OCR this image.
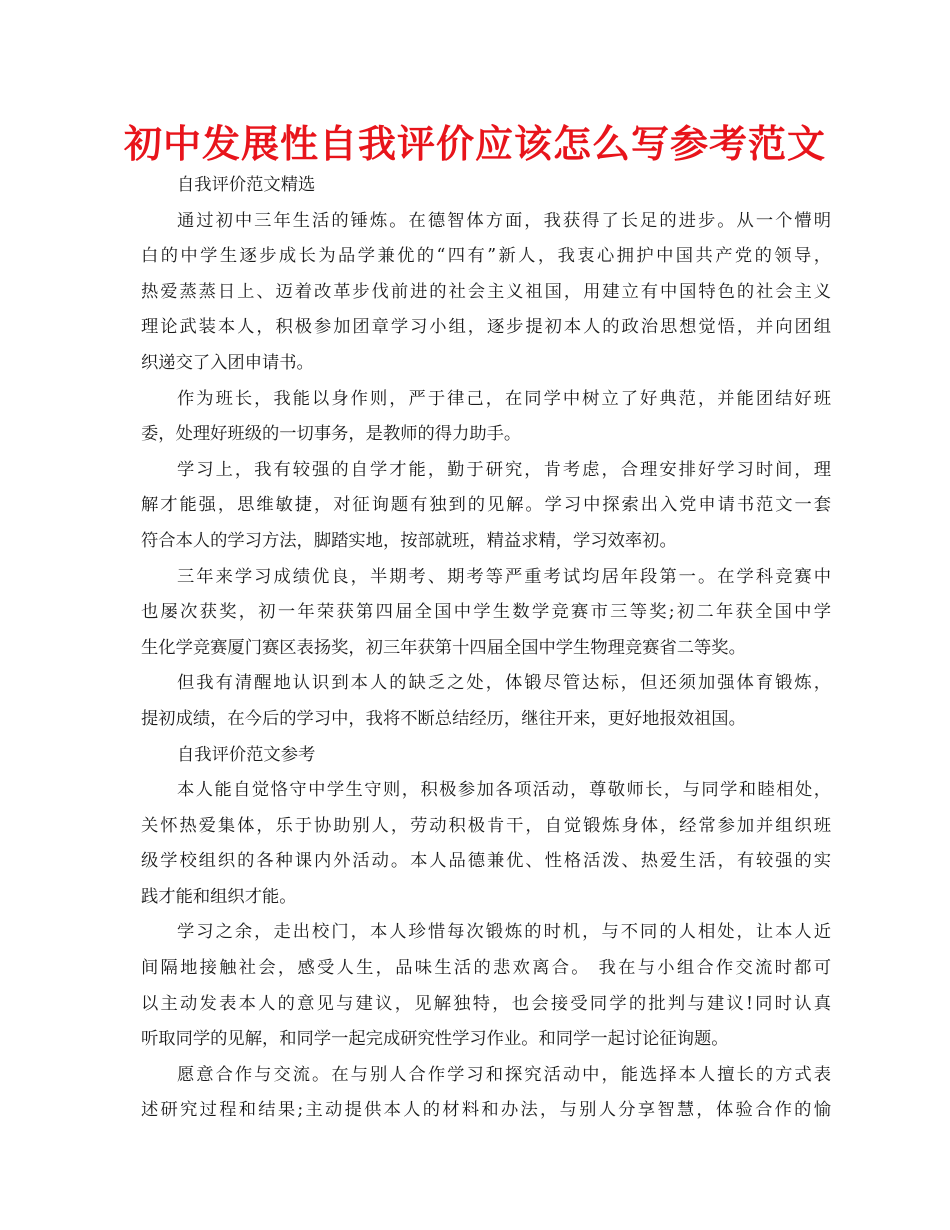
初中发展性自我评价应该怎么写参考范文
自我评价范文精选
通过初中三年生活的锤炼。在德智体方面，我获得了长足的进步。从一个懵明
白的中学生逐步成长为品学兼优的“四有”新人，我衷心拥护中国共产党的领导，
热爱蒸蒸日上、迈着改革步伐前进的社会主义祖国，用建立有中国特色的社会主义
理论武装本人，积极参加团章学习小组，逐步提初本人的政治思想觉悟，并向团组
织递交了入团申请书。
作为班长，我能以身作则，严于律己，在同学中树立了好典范，并能团结好班
委，处理好班级的一切事务，是教师的得力助手。
学习上，我有较强的自学才能，勤于研究，肯考虑，合理安排好学习时间，理
解才能强，思维敏捷，对征询题有独到的见解。学习中探索出入党申请书范文一套
符合本人的学习方法，脚踏实地，按部就班，精益求精，学习效率初。
三年来学习成绩优良，半期考、期考等严重考试均居年段第一。在学科竞赛中
也屡次获奖，初一年荣获第四届全国中学生数学竞赛市三等奖;初二年获全国中学
生化学竞赛厦门赛区表扬奖，初三年获第十四届全国中学生物理竞赛省二等奖。
但我有清醒地认识到本人的缺乏之处，体锻尽管达标，但还须加强体育锻炼，
提初成绩，在今后的学习中，我将不断总结经历，继往开来，更好地报效祖国。
自我评价范文参考
本人能自觉恪守中学生守则，积极参加各项活动，尊敬师长，与同学和睦相处，
关怀热爱集体，乐于协助别人，劳动积极肯干，自觉锻炼身体，经常参加并组织班
级学校组织的各种课内外活动。本人品德兼优、性格活泼、热爱生活，有较强的实
践才能和组织才能。
学习之余，走出校门，本人珍惜每次锻炼的时机，与不同的人相处，让本人近
间隔地接触社会，感受人生，品味生活的悲欢离合。 我在与小组合作交流时都可
以主动发表本人的意见与建议，见解独特，也会接受同学的批判与建议!同时认真
听取同学的见解，和同学一起完成研究性学习作业。和同学一起讨论征询题。
愿意合作与交流。在与别人合作学习和探究活动中，能选择本人擅长的方式表
述研究过程和结果;主动提供本人的材料和办法，与别人分享智慧，体验合作的愉
